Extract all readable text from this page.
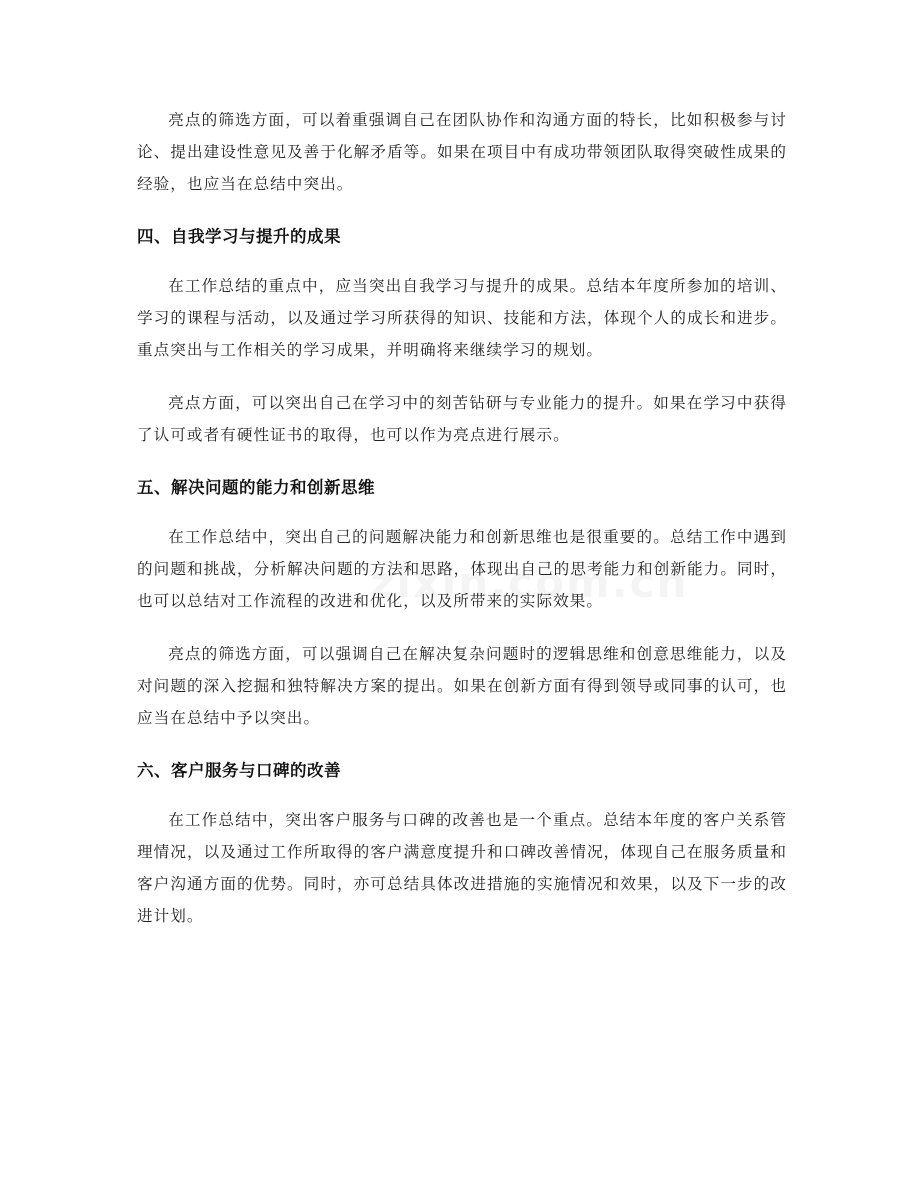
亮点的筛选方面，可以着重强调自己在团队协作和沟通方面的特长，比如积极参与讨论、提出建设性意见及善于化解矛盾等。如果在项目中有成功带领团队取得突破性成果的经验，也应当在总结中突出。

四、自我学习与提升的成果

在工作总结的重点中，应当突出自我学习与提升的成果。总结本年度所参加的培训、学习的课程与活动，以及通过学习所获得的知识、技能和方法，体现个人的成长和进步。重点突出与工作相关的学习成果，并明确将来继续学习的规划。

亮点方面，可以突出自己在学习中的刻苦钻研与专业能力的提升。如果在学习中获得了认可或者有硬性证书的取得，也可以作为亮点进行展示。

五、解决问题的能力和创新思维

在工作总结中，突出自己的问题解决能力和创新思维也是很重要的。总结工作中遇到的问题和挑战，分析解决问题的方法和思路，体现出自己的思考能力和创新能力。同时，也可以总结对工作流程的改进和优化，以及所带来的实际效果。

亮点的筛选方面，可以强调自己在解决复杂问题时的逻辑思维和创意思维能力，以及对问题的深入挖掘和独特解决方案的提出。如果在创新方面有得到领导或同事的认可，也应当在总结中予以突出。

六、客户服务与口碑的改善

在工作总结中，突出客户服务与口碑的改善也是一个重点。总结本年度的客户关系管理情况，以及通过工作所取得的客户满意度提升和口碑改善情况，体现自己在服务质量和客户沟通方面的优势。同时，亦可总结具体改进措施的实施情况和效果，以及下一步的改进计划。
